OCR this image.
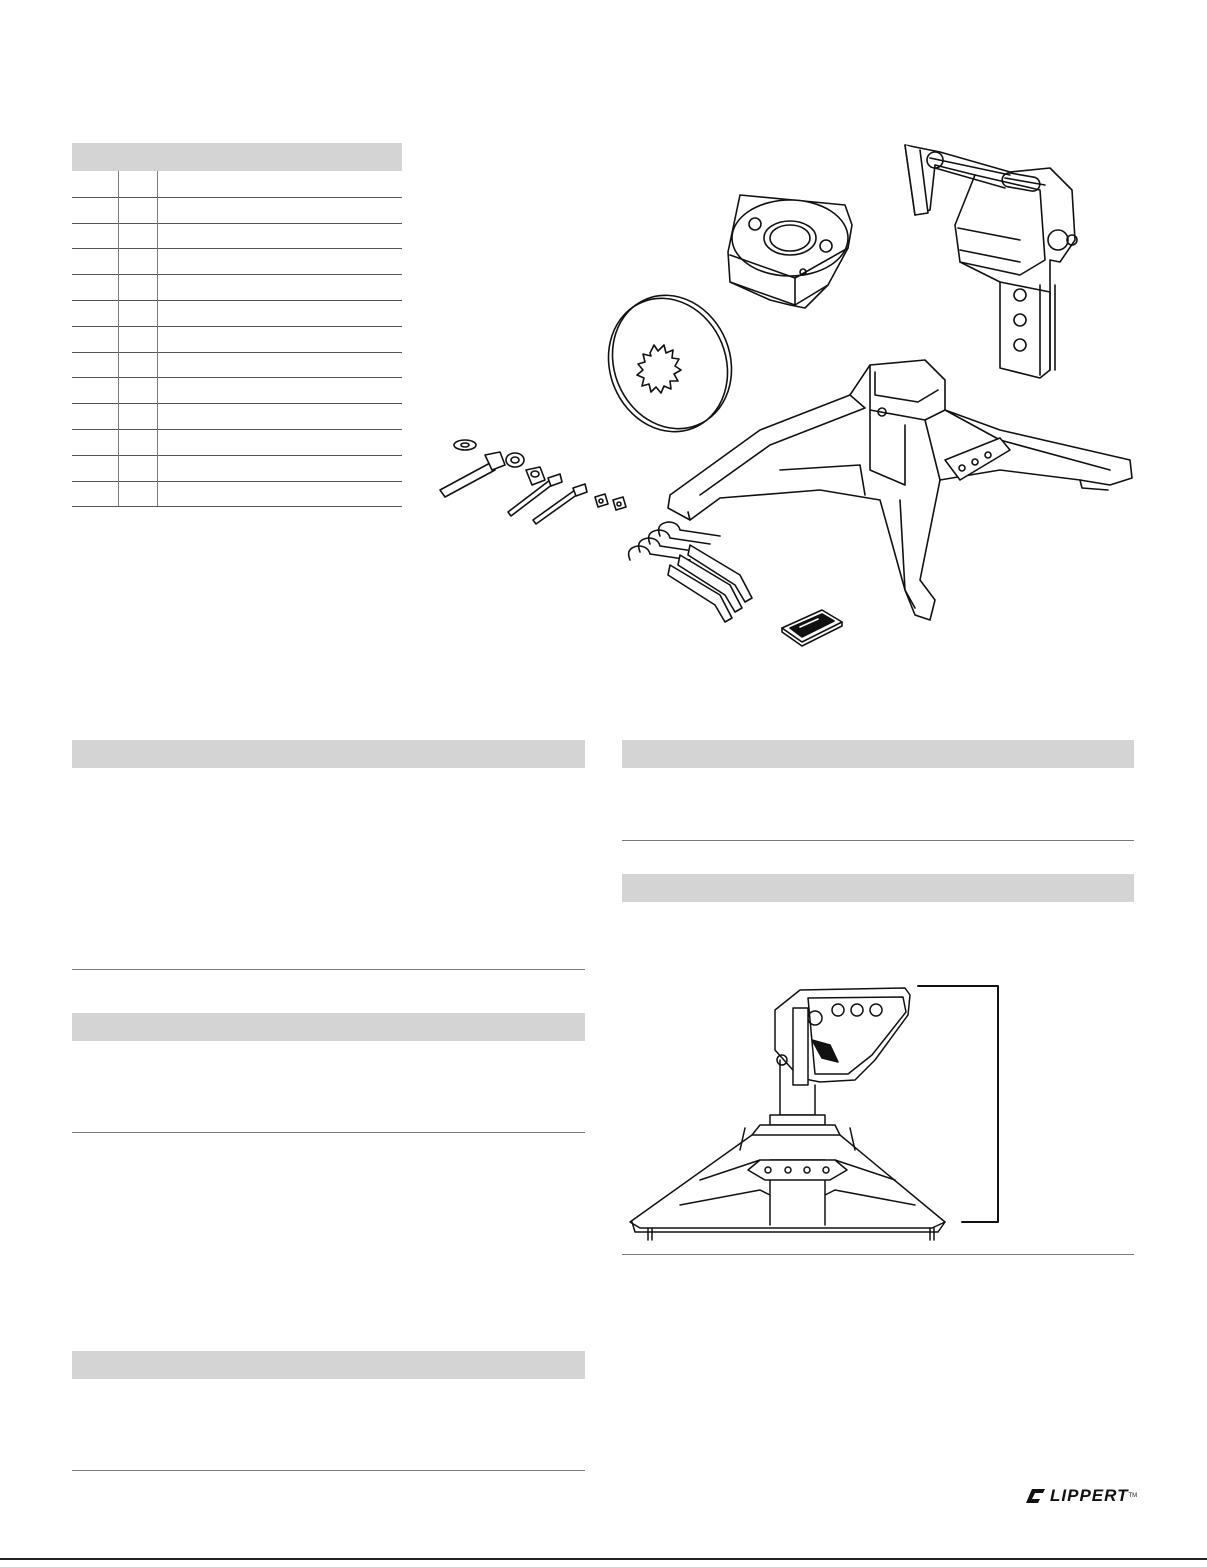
LIPPERT TM
